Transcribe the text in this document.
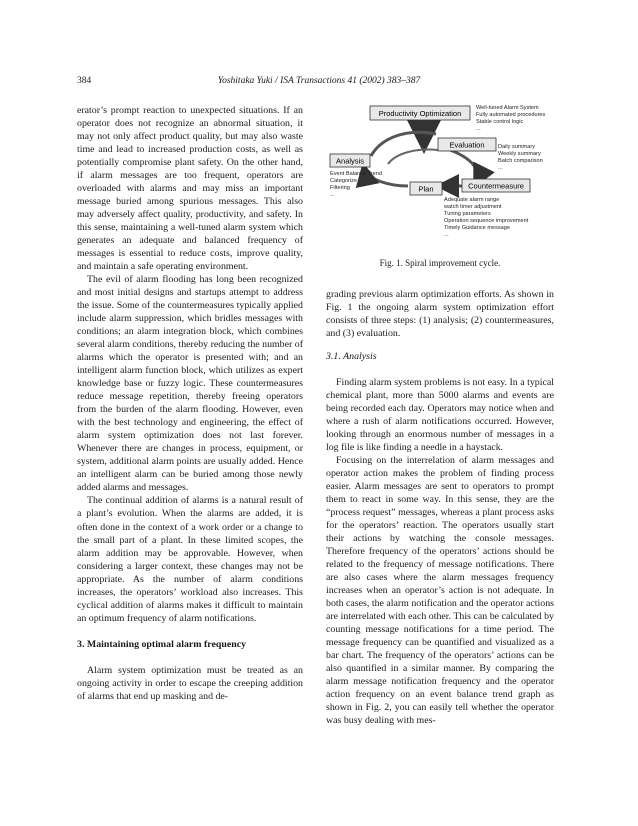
Yoshitaka Yuki / ISA Transactions 41 (2002) 383–387
384

erator’s prompt reaction to unexpected situations. If an operator does not recognize an abnormal situation, it may not only affect product quality, but may also waste time and lead to increased production costs, as well as potentially compromise plant safety. On the other hand, if alarm messages are too frequent, operators are overloaded with alarms and may miss an important message buried among spurious messages. This also may adversely affect quality, productivity, and safety. In this sense, maintaining a well-tuned alarm system which generates an adequate and balanced frequency of messages is essential to reduce costs, improve quality, and maintain a safe operating environment.

The evil of alarm flooding has long been recognized and most initial designs and startups attempt to address the issue. Some of the countermeasures typically applied include alarm suppression, which bridles messages with conditions; an alarm integration block, which combines several alarm conditions, thereby reducing the number of alarms which the operator is presented with; and an intelligent alarm function block, which utilizes as expert knowledge base or fuzzy logic. These countermeasures reduce message repetition, thereby freeing operators from the burden of the alarm flooding. However, even with the best technology and engineering, the effect of alarm system optimization does not last forever. Whenever there are changes in process, equipment, or system, additional alarm points are usually added. Hence an intelligent alarm can be buried among those newly added alarms and messages.

The continual addition of alarms is a natural result of a plant’s evolution. When the alarms are added, it is often done in the context of a work order or a change to the small part of a plant. In these limited scopes, the alarm addition may be approvable. However, when considering a larger context, these changes may not be appropriate. As the number of alarm conditions increases, the operators’ workload also increases. This cyclical addition of alarms makes it difficult to maintain an optimum frequency of alarm notifications.

3. Maintaining optimal alarm frequency

Alarm system optimization must be treated as an ongoing activity in order to escape the creeping addition of alarms that end up masking and de-

Productivity Optimization
Evaluation
Analysis
Plan	Countermeasure
Well-tuned Alarm System
Fully automated procedures
Stable control logic
...
Daily summary
Weekly summary
Batch comparison
...
Event Balance Trend
Categorize
Filtering
...
Adequate alarm range
watch timer adjustment
Tuning parameters
Operation sequence improvement
Timely Guidance message
...
Fig. 1. Spiral improvement cycle.

grading previous alarm optimization efforts. As shown in Fig. 1 the ongoing alarm system optimization effort consists of three steps: (1) analysis; (2) countermeasures, and (3) evaluation.

3.1. Analysis

Finding alarm system problems is not easy. In a typical chemical plant, more than 5000 alarms and events are being recorded each day. Operators may notice when and where a rush of alarm notifications occurred. However, looking through an enormous number of messages in a log file is like finding a needle in a haystack.

Focusing on the interrelation of alarm messages and operator action makes the problem of finding process easier. Alarm messages are sent to operators to prompt them to react in some way. In this sense, they are the “process request” messages, whereas a plant process asks for the operators’ reaction. The operators usually start their actions by watching the console messages. Therefore frequency of the operators’ actions should be related to the frequency of message notifications. There are also cases where the alarm messages frequency increases when an operator’s action is not adequate. In both cases, the alarm notification and the operator actions are interrelated with each other. This can be calculated by counting message notifications for a time period. The message frequency can be quantified and visualized as a bar chart. The frequency of the operators’ actions can be also quantified in a similar manner. By comparing the alarm message notification frequency and the operator action frequency on an event balance trend graph as shown in Fig. 2, you can easily tell whether the operator was busy dealing with mes-
